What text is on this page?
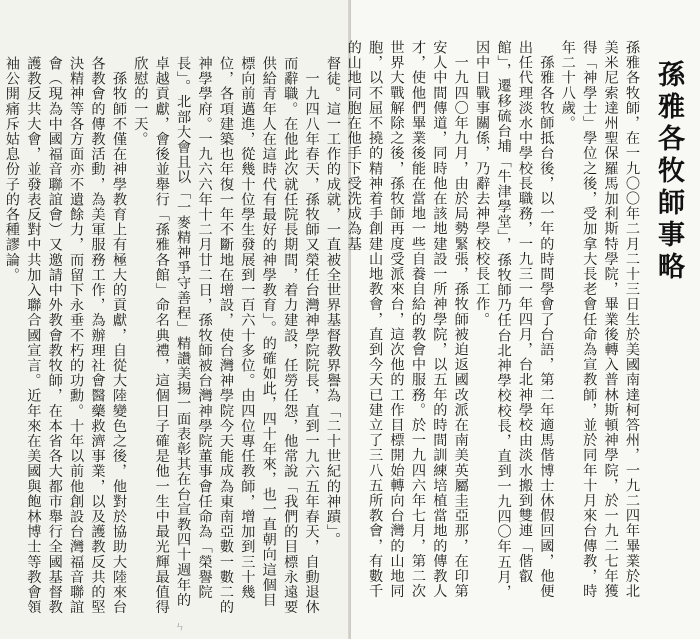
督徒。這一工作的成就，一直被全世界基督教界譽為「二十世紀的神蹟」。
　一九四八年春天，孫牧師又榮任台灣神學院院長，直到一九六五年春天，自動退休而辭職。在他此次就任院長期間，着力建設，任勞任怨，他常說「我們的目標永遠要供給青年人在這時代有最好的神學教育」。的確如此，四十年來，也一直朝向這個目標向前邁進，從幾十位學生發展到一百六十多位。由四位專任教師，增加到三十幾位，各項建築也年復一年不斷地在增設，使台灣神學院今天能成為東南亞數一數二的神學學府。一九六六年十二月廿二日，孫牧師被台灣神學院董事會任命為「榮譽院長」。北部大會且以「一麥精神爭守善程」精讚美揚一面表彰其在台宣教四十週年的卓越貢獻，會後並舉行「孫雅各館」命名典禮，這個日子確是他一生中最光輝最值得欣慰的一天。
　孫牧師不僅在神學教育上有極大的貢獻，自從大陸變色之後，他對於協助大陸來台各教會的傳教活動，為美軍服務工作，為辦理社會醫藥救濟事業，以及護教反共的堅決精神等各方面亦不遺餘力，而留下永垂不朽的功勳。十年以前他創設台灣福音聯誼會（現為中國福音聯誼會）又邀請中外教會教牧師，在本省各大都市舉行全國基督教護教反共大會，並發表反對中共加入聯合國宣言。近年來在美國與飽林博士等教會領袖公開痛斥姑息份子的各種謬論。

ㄣ
孫雅各牧師事略
孫雅各牧師，在一九〇〇年二月二十三日生於美國南達柯答州，一九二四年畢業於北美米尼索達州聖保羅馬加利斯特學院，畢業後轉入普林斯頓神學院，於一九二七年獲得「神學士」學位之後，受加拿大長老會任命為宣教師，並於同年十月來台傳教，時年二十八歲。
　孫雅各牧師抵台後，以一年的時間學會了台語，第二年適馬偕博士休假回國，他便出任代理淡水中學校長職務，一九三一年四月，台北神學校由淡水搬到雙連「偕叡館」，遷移硫台埔「牛津學堂」，孫牧師乃任台北神學校校長，直到一九四〇年五月，因中日戰事關係，乃辭去神學校校長工作。
　一九四〇年九月，由於局勢緊張，孫牧師被迫返國改派在南美英屬圭亞那，在印第安人中間傳道，同時他在該地建設一所神學院，以五年的時間訓練培植當地的傳教人才，使他們畢業後能在當地一些自養自給的教會中服務。於一九四六年七月，第二次世界大戰解除之後，孫牧師再度受派來台，這次他的工作目標開始轉向台灣的山地同胞，以不屈不撓的精神着手創建山地教會，直到今天已建立了三八五所教會，有數千的山地同胞在他手下受洗成為基
